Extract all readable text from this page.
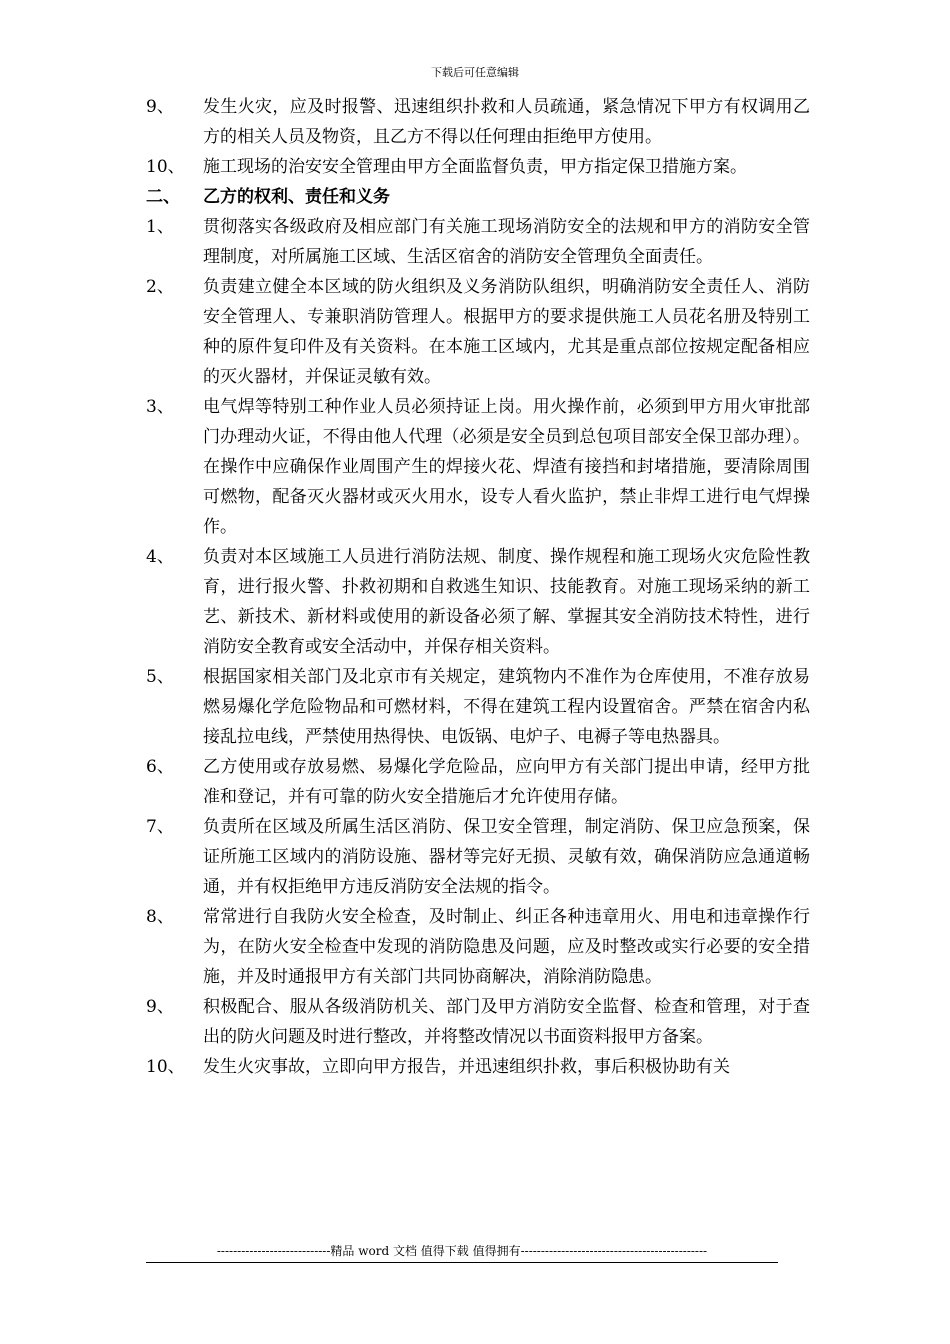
下载后可任意编辑
9、	发生火灾，应及时报警、迅速组织扑救和人员疏通，紧急情况下甲方有权调用乙方的相关人员及物资，且乙方不得以任何理由拒绝甲方使用。
10、	施工现场的治安安全管理由甲方全面监督负责，甲方指定保卫措施方案。
二、	乙方的权利、责任和义务
1、	贯彻落实各级政府及相应部门有关施工现场消防安全的法规和甲方的消防安全管理制度，对所属施工区域、生活区宿舍的消防安全管理负全面责任。
2、	负责建立健全本区域的防火组织及义务消防队组织，明确消防安全责任人、消防安全管理人、专兼职消防管理人。根据甲方的要求提供施工人员花名册及特别工种的原件复印件及有关资料。在本施工区域内，尤其是重点部位按规定配备相应的灭火器材，并保证灵敏有效。
3、	电气焊等特别工种作业人员必须持证上岗。用火操作前，必须到甲方用火审批部门办理动火证，不得由他人代理（必须是安全员到总包项目部安全保卫部办理）。在操作中应确保作业周围产生的焊接火花、焊渣有接挡和封堵措施，要清除周围可燃物，配备灭火器材或灭火用水，设专人看火监护，禁止非焊工进行电气焊操作。
4、	负责对本区域施工人员进行消防法规、制度、操作规程和施工现场火灾危险性教育，进行报火警、扑救初期和自救逃生知识、技能教育。对施工现场采纳的新工艺、新技术、新材料或使用的新设备必须了解、掌握其安全消防技术特性，进行消防安全教育或安全活动中，并保存相关资料。
5、	根据国家相关部门及北京市有关规定，建筑物内不准作为仓库使用，不准存放易燃易爆化学危险物品和可燃材料，不得在建筑工程内设置宿舍。严禁在宿舍内私接乱拉电线，严禁使用热得快、电饭锅、电炉子、电褥子等电热器具。
6、	乙方使用或存放易燃、易爆化学危险品，应向甲方有关部门提出申请，经甲方批准和登记，并有可靠的防火安全措施后才允许使用存储。
7、	负责所在区域及所属生活区消防、保卫安全管理，制定消防、保卫应急预案，保证所施工区域内的消防设施、器材等完好无损、灵敏有效，确保消防应急通道畅通，并有权拒绝甲方违反消防安全法规的指令。
8、	常常进行自我防火安全检查，及时制止、纠正各种违章用火、用电和违章操作行为，在防火安全检查中发现的消防隐患及问题，应及时整改或实行必要的安全措施，并及时通报甲方有关部门共同协商解决，消除消防隐患。
9、	积极配合、服从各级消防机关、部门及甲方消防安全监督、检查和管理，对于查出的防火问题及时进行整改，并将整改情况以书面资料报甲方备案。
10、	发生火灾事故，立即向甲方报告，并迅速组织扑救，事后积极协助有关
----------------------------精品 word 文档 值得下载 值得拥有----------------------------------------------
